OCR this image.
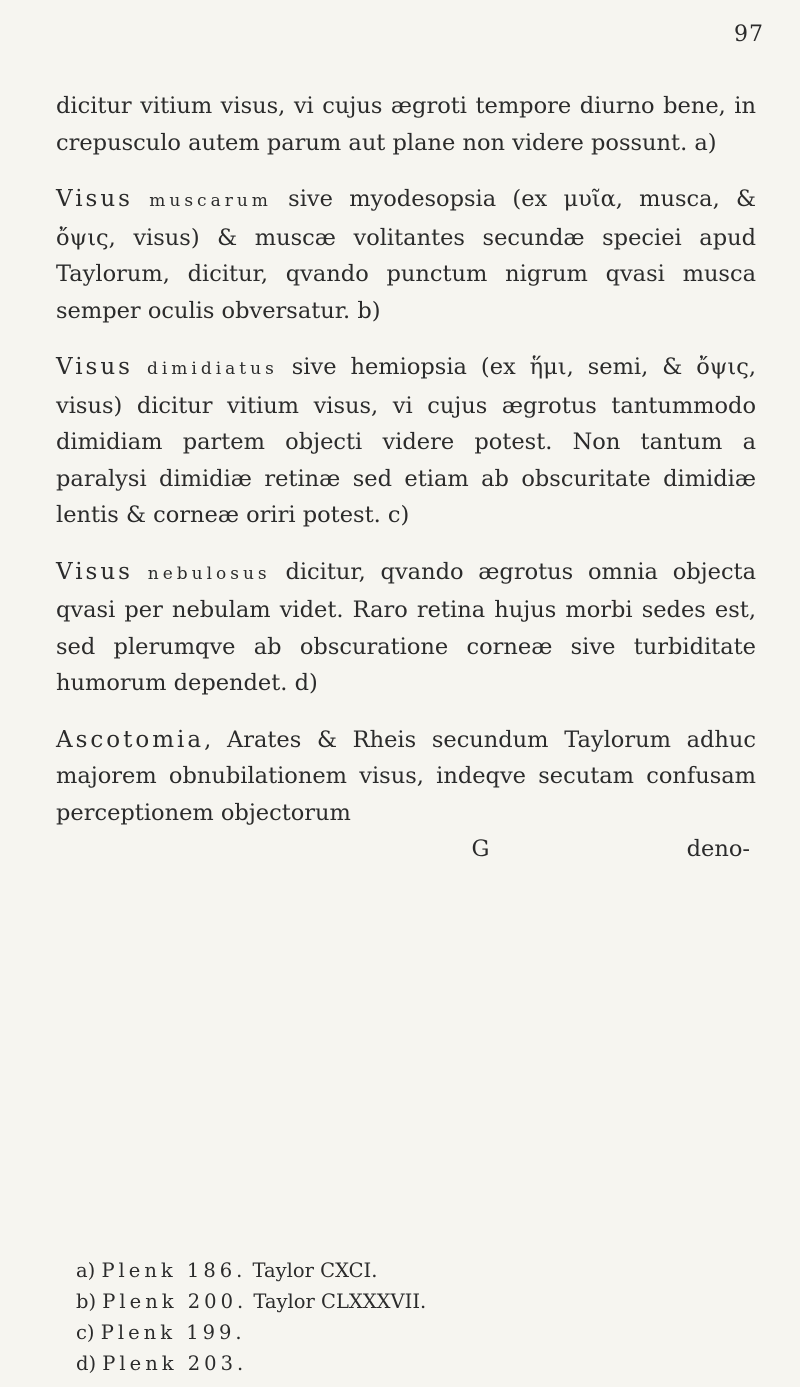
97

dicitur vitium visus, vi cujus ægroti tempore diurno bene, in crepusculo autem parum aut plane non videre possunt. a)

Visus muscarum sive myodesopsia (ex μυῖα, musca, & ὄψις, visus) & muscæ volitantes secundæ speciei apud Taylorum, dicitur, qvando punctum nigrum qvasi musca semper oculis obversatur. b)

Visus dimidiatus sive hemiopsia (ex ἥμι, semi, & ὄψις, visus) dicitur vitium visus, vi cujus ægrotus tantummodo dimidiam partem objecti videre potest. Non tantum a paralysi dimidiæ retinæ sed etiam ab obscuritate dimidiæ lentis & corneæ oriri potest. c)

Visus nebulosus dicitur, qvando ægrotus omnia objecta qvasi per nebulam videt. Raro retina hujus morbi sedes est, sed plerumqve ab obscuratione corneæ sive turbiditate humorum dependet. d)

Ascotomia, Arates & Rheis secundum Taylorum adhuc majorem obnubilationem visus, indeqve secutam confusam perceptionem objectorum

G	deno-
a) Plenk 186. Taylor CXCI.
b) Plenk 200. Taylor CLXXXVII.
c) Plenk 199.
d) Plenk 203.
